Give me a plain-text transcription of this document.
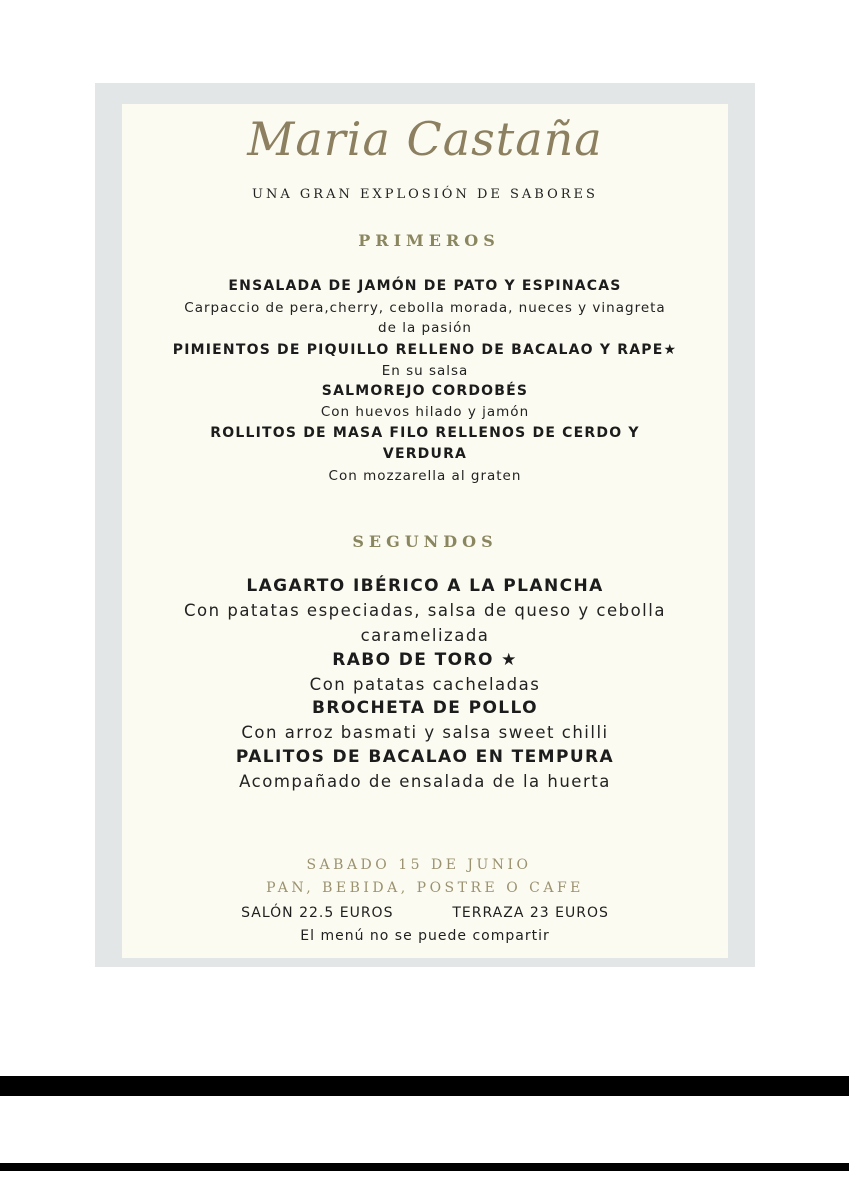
Maria Castaña
UNA GRAN EXPLOSIÓN DE SABORES
PRIMEROS
ENSALADA DE JAMÓN DE PATO Y ESPINACAS
Carpaccio de pera,cherry, cebolla morada, nueces y vinagreta
de la pasión
PIMIENTOS DE PIQUILLO RELLENO DE BACALAO Y RAPE★
En su salsa
SALMOREJO CORDOBÉS
Con huevos hilado y jamón
ROLLITOS DE MASA FILO RELLENOS DE CERDO Y
VERDURA
Con mozzarella al graten
SEGUNDOS
LAGARTO IBÉRICO A LA PLANCHA
Con patatas especiadas, salsa de queso y cebolla
caramelizada
RABO DE TORO ★
Con patatas cacheladas
BROCHETA DE POLLO
Con arroz basmati y salsa sweet chilli
PALITOS DE BACALAO EN TEMPURA
Acompañado de ensalada de la huerta
SABADO 15 DE JUNIO
PAN, BEBIDA, POSTRE O CAFE
SALÓN 22.5 EUROS	TERRAZA 23 EUROS
El menú no se puede compartir
